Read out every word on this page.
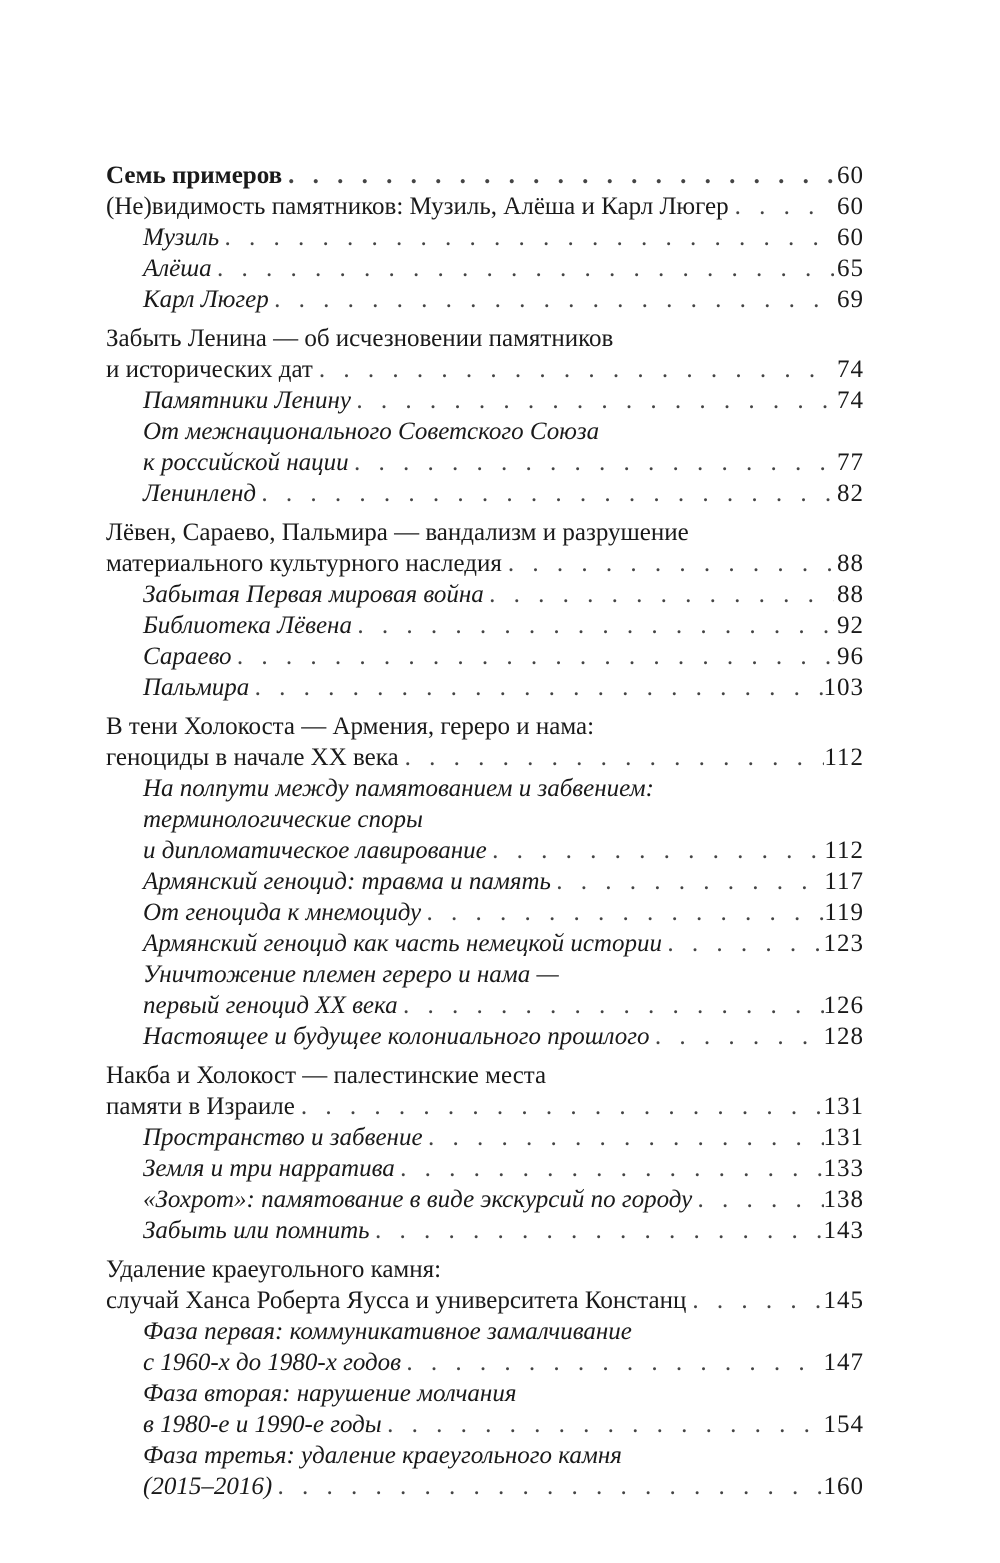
Семь примеров . . .	60
(Не)видимость памятников: Музиль, Алёша и Карл Люгер . . .	60
Музиль . . .	60
Алёша . . .	65
Карл Люгер . . .	69
Забыть Ленина — об исчезновении памятников
и исторических дат . . .	74
Памятники Ленину . . .	74
От межнационального Советского Союза
к российской нации . . .	77
Ленинленд . . .	82
Лёвен, Сараево, Пальмира — вандализм и разрушение
материального культурного наследия . . .	88
Забытая Первая мировая война . . .	88
Библиотека Лёвена . . .	92
Сараево . . .	96
Пальмира . . .	103
В тени Холокоста — Армения, гереро и нама:
геноциды в начале XX века . . .	112
На полпути между памятованием и забвением:
терминологические споры
и дипломатическое лавирование . . .	112
Армянский геноцид: травма и память . . .	117
От геноцида к мнемоциду . . .	119
Армянский геноцид как часть немецкой истории . . .	123
Уничтожение племен гереро и нама —
первый геноцид XX века . . .	126
Настоящее и будущее колониального прошлого . . .	128
Накба и Холокост — палестинские места
памяти в Израиле . . .	131
Пространство и забвение . . .	131
Земля и три нарратива . . .	133
«Зохрот»: памятование в виде экскурсий по городу . . .	138
Забыть или помнить . . .	143
Удаление краеугольного камня:
случай Ханса Роберта Яусса и университета Констанц . . .	145
Фаза первая: коммуникативное замалчивание
с 1960-х до 1980-х годов . . .	147
Фаза вторая: нарушение молчания
в 1980-е и 1990-е годы . . .	154
Фаза третья: удаление краеугольного камня
(2015–2016) . . .	160
